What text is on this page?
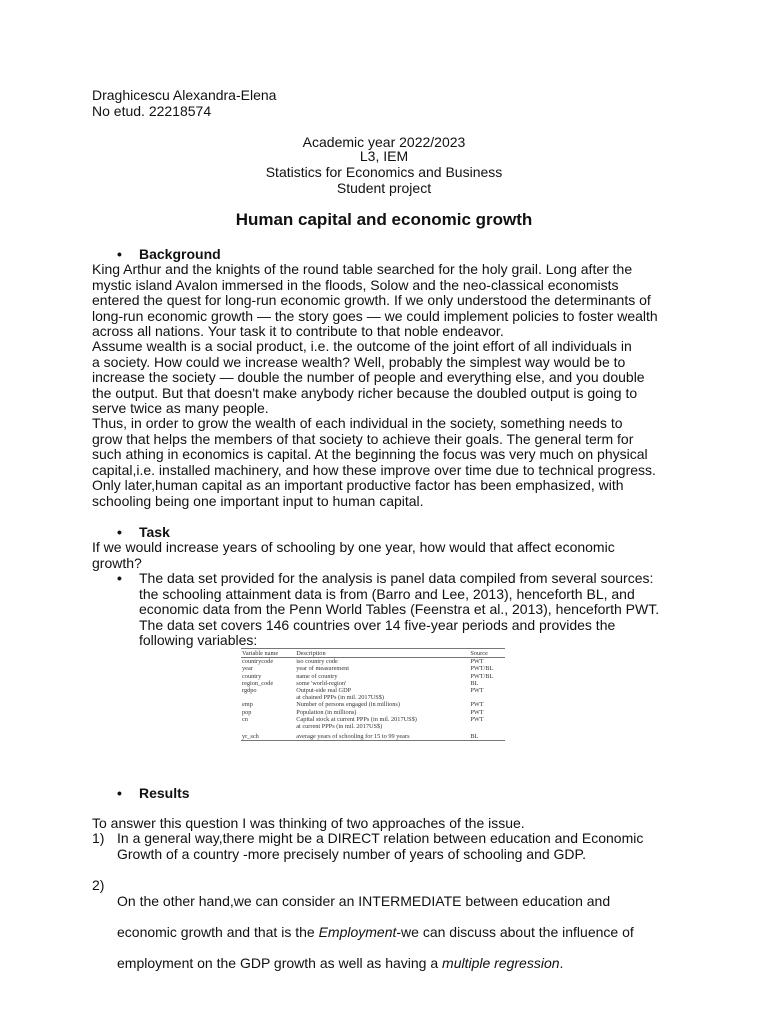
Draghicescu Alexandra-Elena
No etud. 22218574
Academic year 2022/2023
L3, IEM
Statistics for Economics and Business
Student project
Human capital and economic growth
• Background
King Arthur and the knights of the round table searched for the holy grail. Long after the
mystic island Avalon immersed in the floods, Solow and the neo-classical economists
entered the quest for long-run economic growth. If we only understood the determinants of
long-run economic growth — the story goes — we could implement policies to foster wealth
across all nations. Your task it to contribute to that noble endeavor.
Assume wealth is a social product, i.e. the outcome of the joint effort of all individuals in
a society. How could we increase wealth? Well, probably the simplest way would be to
increase the society — double the number of people and everything else, and you double
the output. But that doesn't make anybody richer because the doubled output is going to
serve twice as many people.
Thus, in order to grow the wealth of each individual in the society, something needs to
grow that helps the members of that society to achieve their goals. The general term for
such athing in economics is capital. At the beginning the focus was very much on physical
capital,i.e. installed machinery, and how these improve over time due to technical progress.
Only later,human capital as an important productive factor has been emphasized, with
schooling being one important input to human capital.
• Task
If we would increase years of schooling by one year, how would that affect economic
growth?
• The data set provided for the analysis is panel data compiled from several sources:
the schooling attainment data is from (Barro and Lee, 2013), henceforth BL, and
economic data from the Penn World Tables (Feenstra et al., 2013), henceforth PWT.
The data set covers 146 countries over 14 five-year periods and provides the
following variables:
Variable name	Description	Source
countrycode	iso country code	PWT
year	year of measurement	PWT/BL
country	name of country	PWT/BL
region_code	some 'world-region'	BL
rgdpo	Output-side real GDP
at chained PPPs (in mil. 2017US$)	PWT
emp	Number of persons engaged (in millions)	PWT
pop	Population (in millions)	PWT
cn	Capital stock at current PPPs (in mil. 2017US$)
at current PPPs (in mil. 2017US$)	PWT
yr_sch	average years of schooling for 15 to 99 years	BL
• Results
To answer this question I was thinking of two approaches of the issue.
1) In a general way,there might be a DIRECT relation between education and Economic
Growth of a country -more precisely number of years of schooling and GDP.
2)

On the other hand,we can consider an INTERMEDIATE between education and

economic growth and that is the Employment-we can discuss about the influence of

employment on the GDP growth as well as having a multiple regression.
